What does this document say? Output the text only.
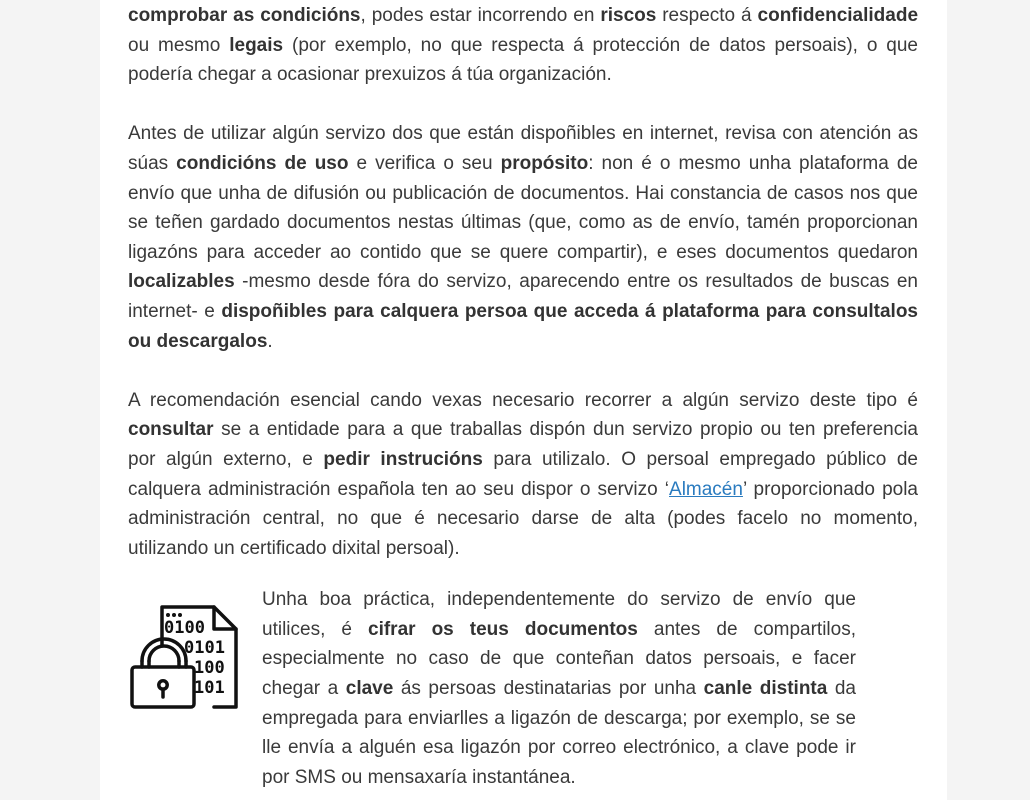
comprobar as condicións, podes estar incorrendo en riscos respecto á confidencialidade ou mesmo legais (por exemplo, no que respecta á protección de datos persoais), o que podería chegar a ocasionar prexuizos á túa organización.

Antes de utilizar algún servizo dos que están dispoñibles en internet, revisa con atención as súas condicións de uso e verifica o seu propósito: non é o mesmo unha plataforma de envío que unha de difusión ou publicación de documentos. Hai constancia de casos nos que se teñen gardado documentos nestas últimas (que, como as de envío, tamén proporcionan ligazóns para acceder ao contido que se quere compartir), e eses documentos quedaron localizables -mesmo desde fóra do servizo, aparecendo entre os resultados de buscas en internet- e dispoñibles para calquera persoa que acceda á plataforma para consultalos ou descargalos.

A recomendación esencial cando vexas necesario recorrer a algún servizo deste tipo é consultar se a entidade para a que traballas dispón dun servizo propio ou ten preferencia por algún externo, e pedir instrucións para utilizalo. O persoal empregado público de calquera administración española ten ao seu dispor o servizo ‘Almacén’ proporcionado pola administración central, no que é necesario darse de alta (podes facelo no momento, utilizando un certificado dixital persoal).

0100
0101
100
101

Unha boa práctica, independentemente do servizo de envío que utilices, é cifrar os teus documentos antes de compartilos, especialmente no caso de que conteñan datos persoais, e facer chegar a clave ás persoas destinatarias por unha canle distinta da empregada para enviarlles a ligazón de descarga; por exemplo, se se lle envía a alguén esa ligazón por correo electrónico, a clave pode ir por SMS ou mensaxaría instantánea.
